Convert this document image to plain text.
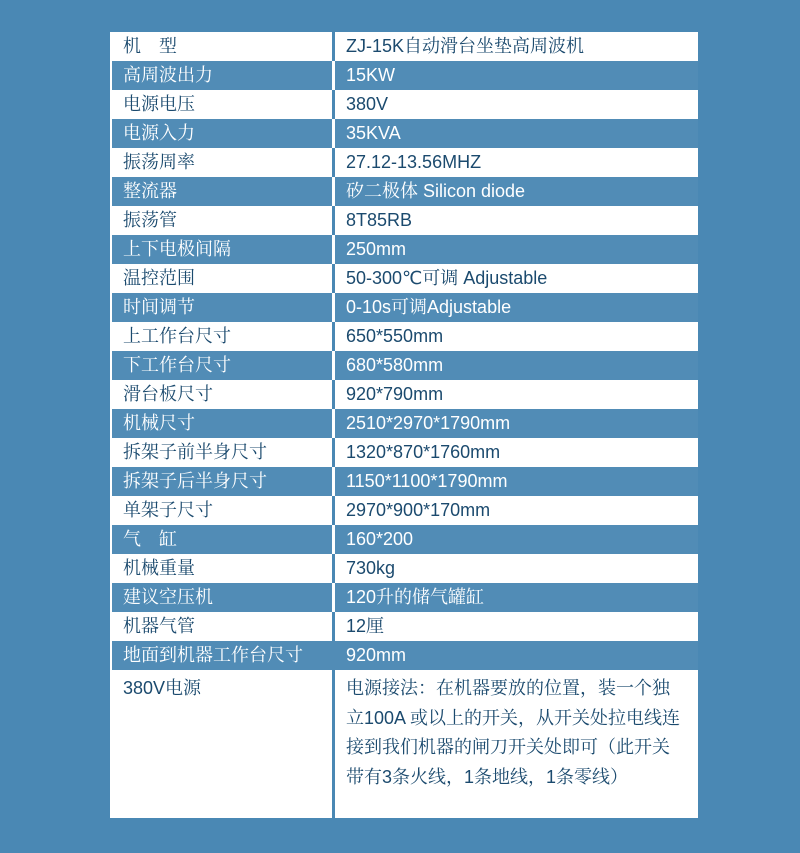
机　型	ZJ-15K自动滑台坐垫高周波机
高周波出力	15KW
电源电压	380V
电源入力	35KVA
振荡周率	27.12-13.56MHZ
整流器	矽二极体 Silicon diode
振荡管	8T85RB
上下电极间隔	250mm
温控范围	50-300℃可调 Adjustable
时间调节	0-10s可调Adjustable
上工作台尺寸	650*550mm
下工作台尺寸	680*580mm
滑台板尺寸	920*790mm
机械尺寸	2510*2970*1790mm
拆架子前半身尺寸	1320*870*1760mm
拆架子后半身尺寸	1150*1100*1790mm
单架子尺寸	2970*900*170mm
气　缸	160*200
机械重量	730kg
建议空压机	120升的储气罐缸
机器气管	12厘
地面到机器工作台尺寸	920mm
380V电源	电源接法：在机器要放的位置，装一个独立100A 或以上的开关，从开关处拉电线连接到我们机器的闸刀开关处即可（此开关带有3条火线，1条地线，1条零线）
